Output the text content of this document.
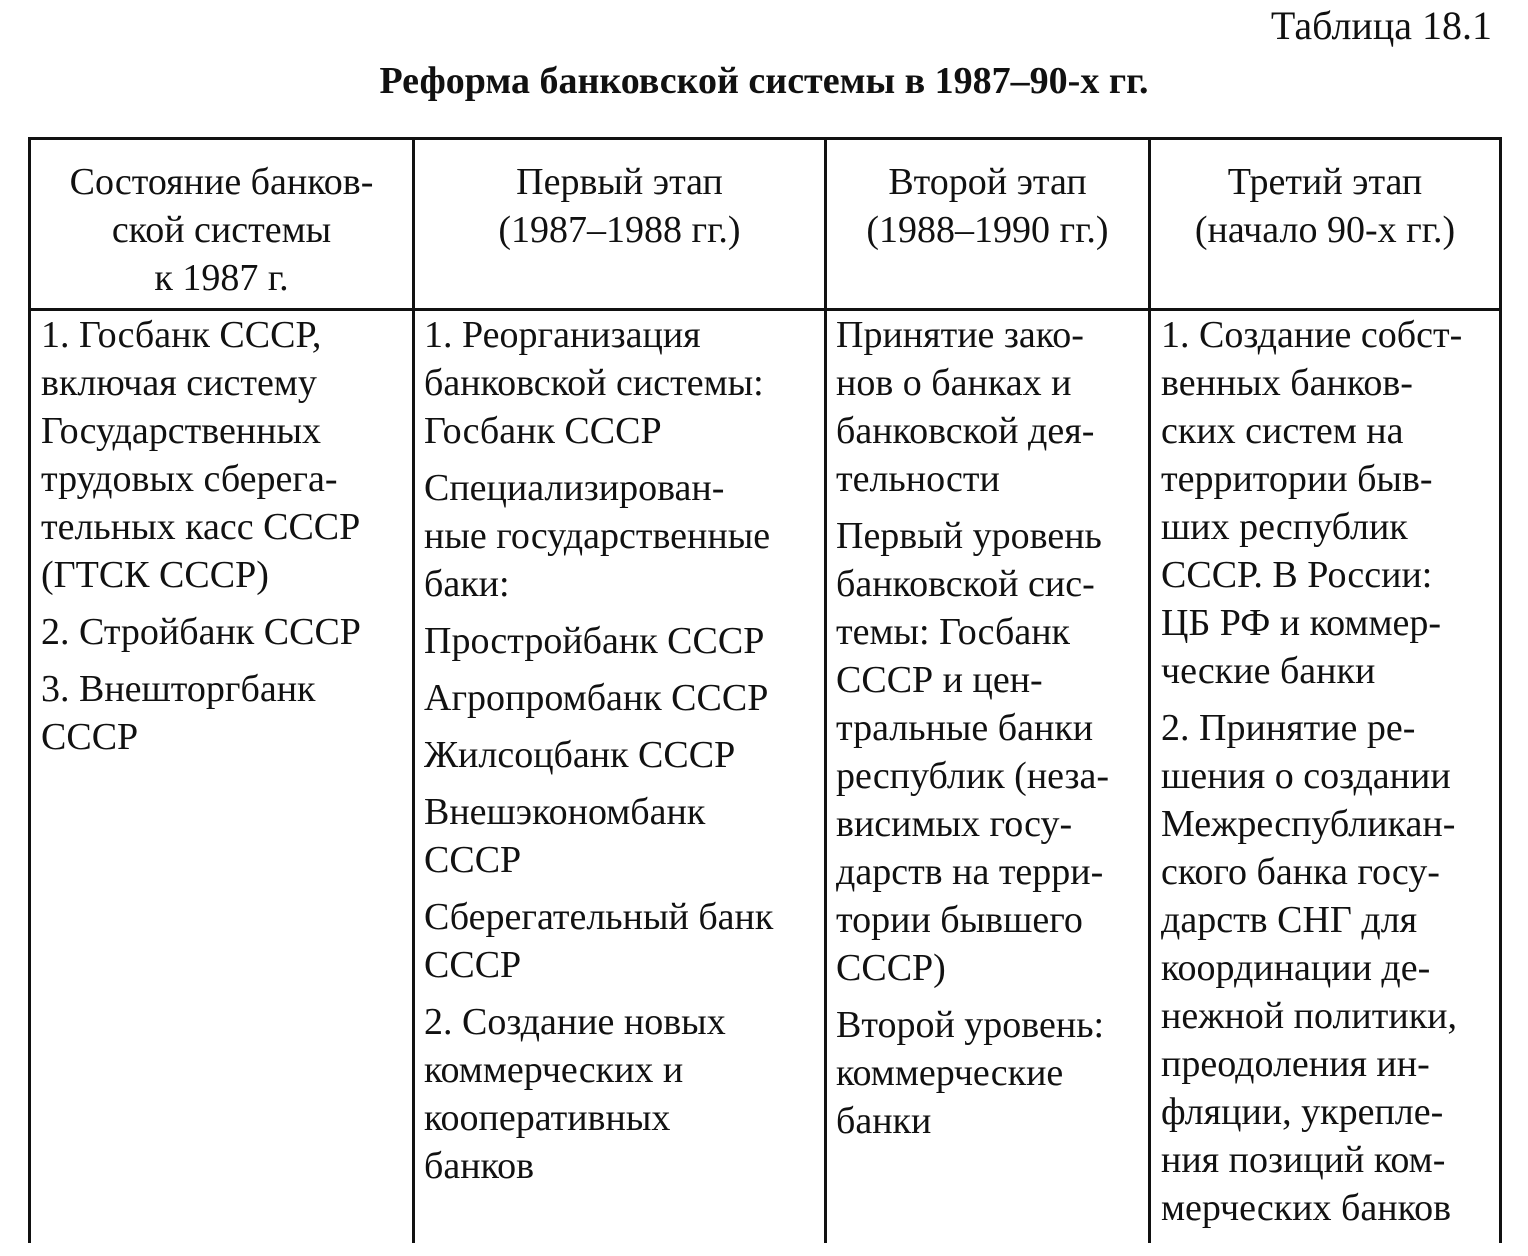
Таблица 18.1
Реформа банковской системы в 1987–90-х гг.
Состояние банков-
ской системы
к 1987 г.
Первый этап
(1987–1988 гг.)
Второй этап
(1988–1990 гг.)
Третий этап
(начало 90-х гг.)
1. Госбанк СССР,
включая систему
Государственных
трудовых сберега-
тельных касс СССР
(ГТСК СССР)
2. Стройбанк СССР
3. Внешторгбанк
СССР
1. Реорганизация
банковской системы:
Госбанк СССР
Специализирован-
ные государственные
баки:
Простройбанк СССР
Агропромбанк СССР
Жилсоцбанк СССР
Внешэкономбанк
СССР
Сберегательный банк
СССР
2. Создание новых
коммерческих и
кооперативных
банков
Принятие зако-
нов о банках и
банковской дея-
тельности
Первый уровень
банковской сис-
темы: Госбанк
СССР и цен-
тральные банки
республик (неза-
висимых госу-
дарств на терри-
тории бывшего
СССР)
Второй уровень:
коммерческие
банки
1. Создание собст-
венных банков-
ских систем на
территории быв-
ших республик
СССР. В России:
ЦБ РФ и коммер-
ческие банки
2. Принятие ре-
шения о создании
Межреспубликан-
ского банка госу-
дарств СНГ для
координации де-
нежной политики,
преодоления ин-
фляции, укрепле-
ния позиций ком-
мерческих банков
